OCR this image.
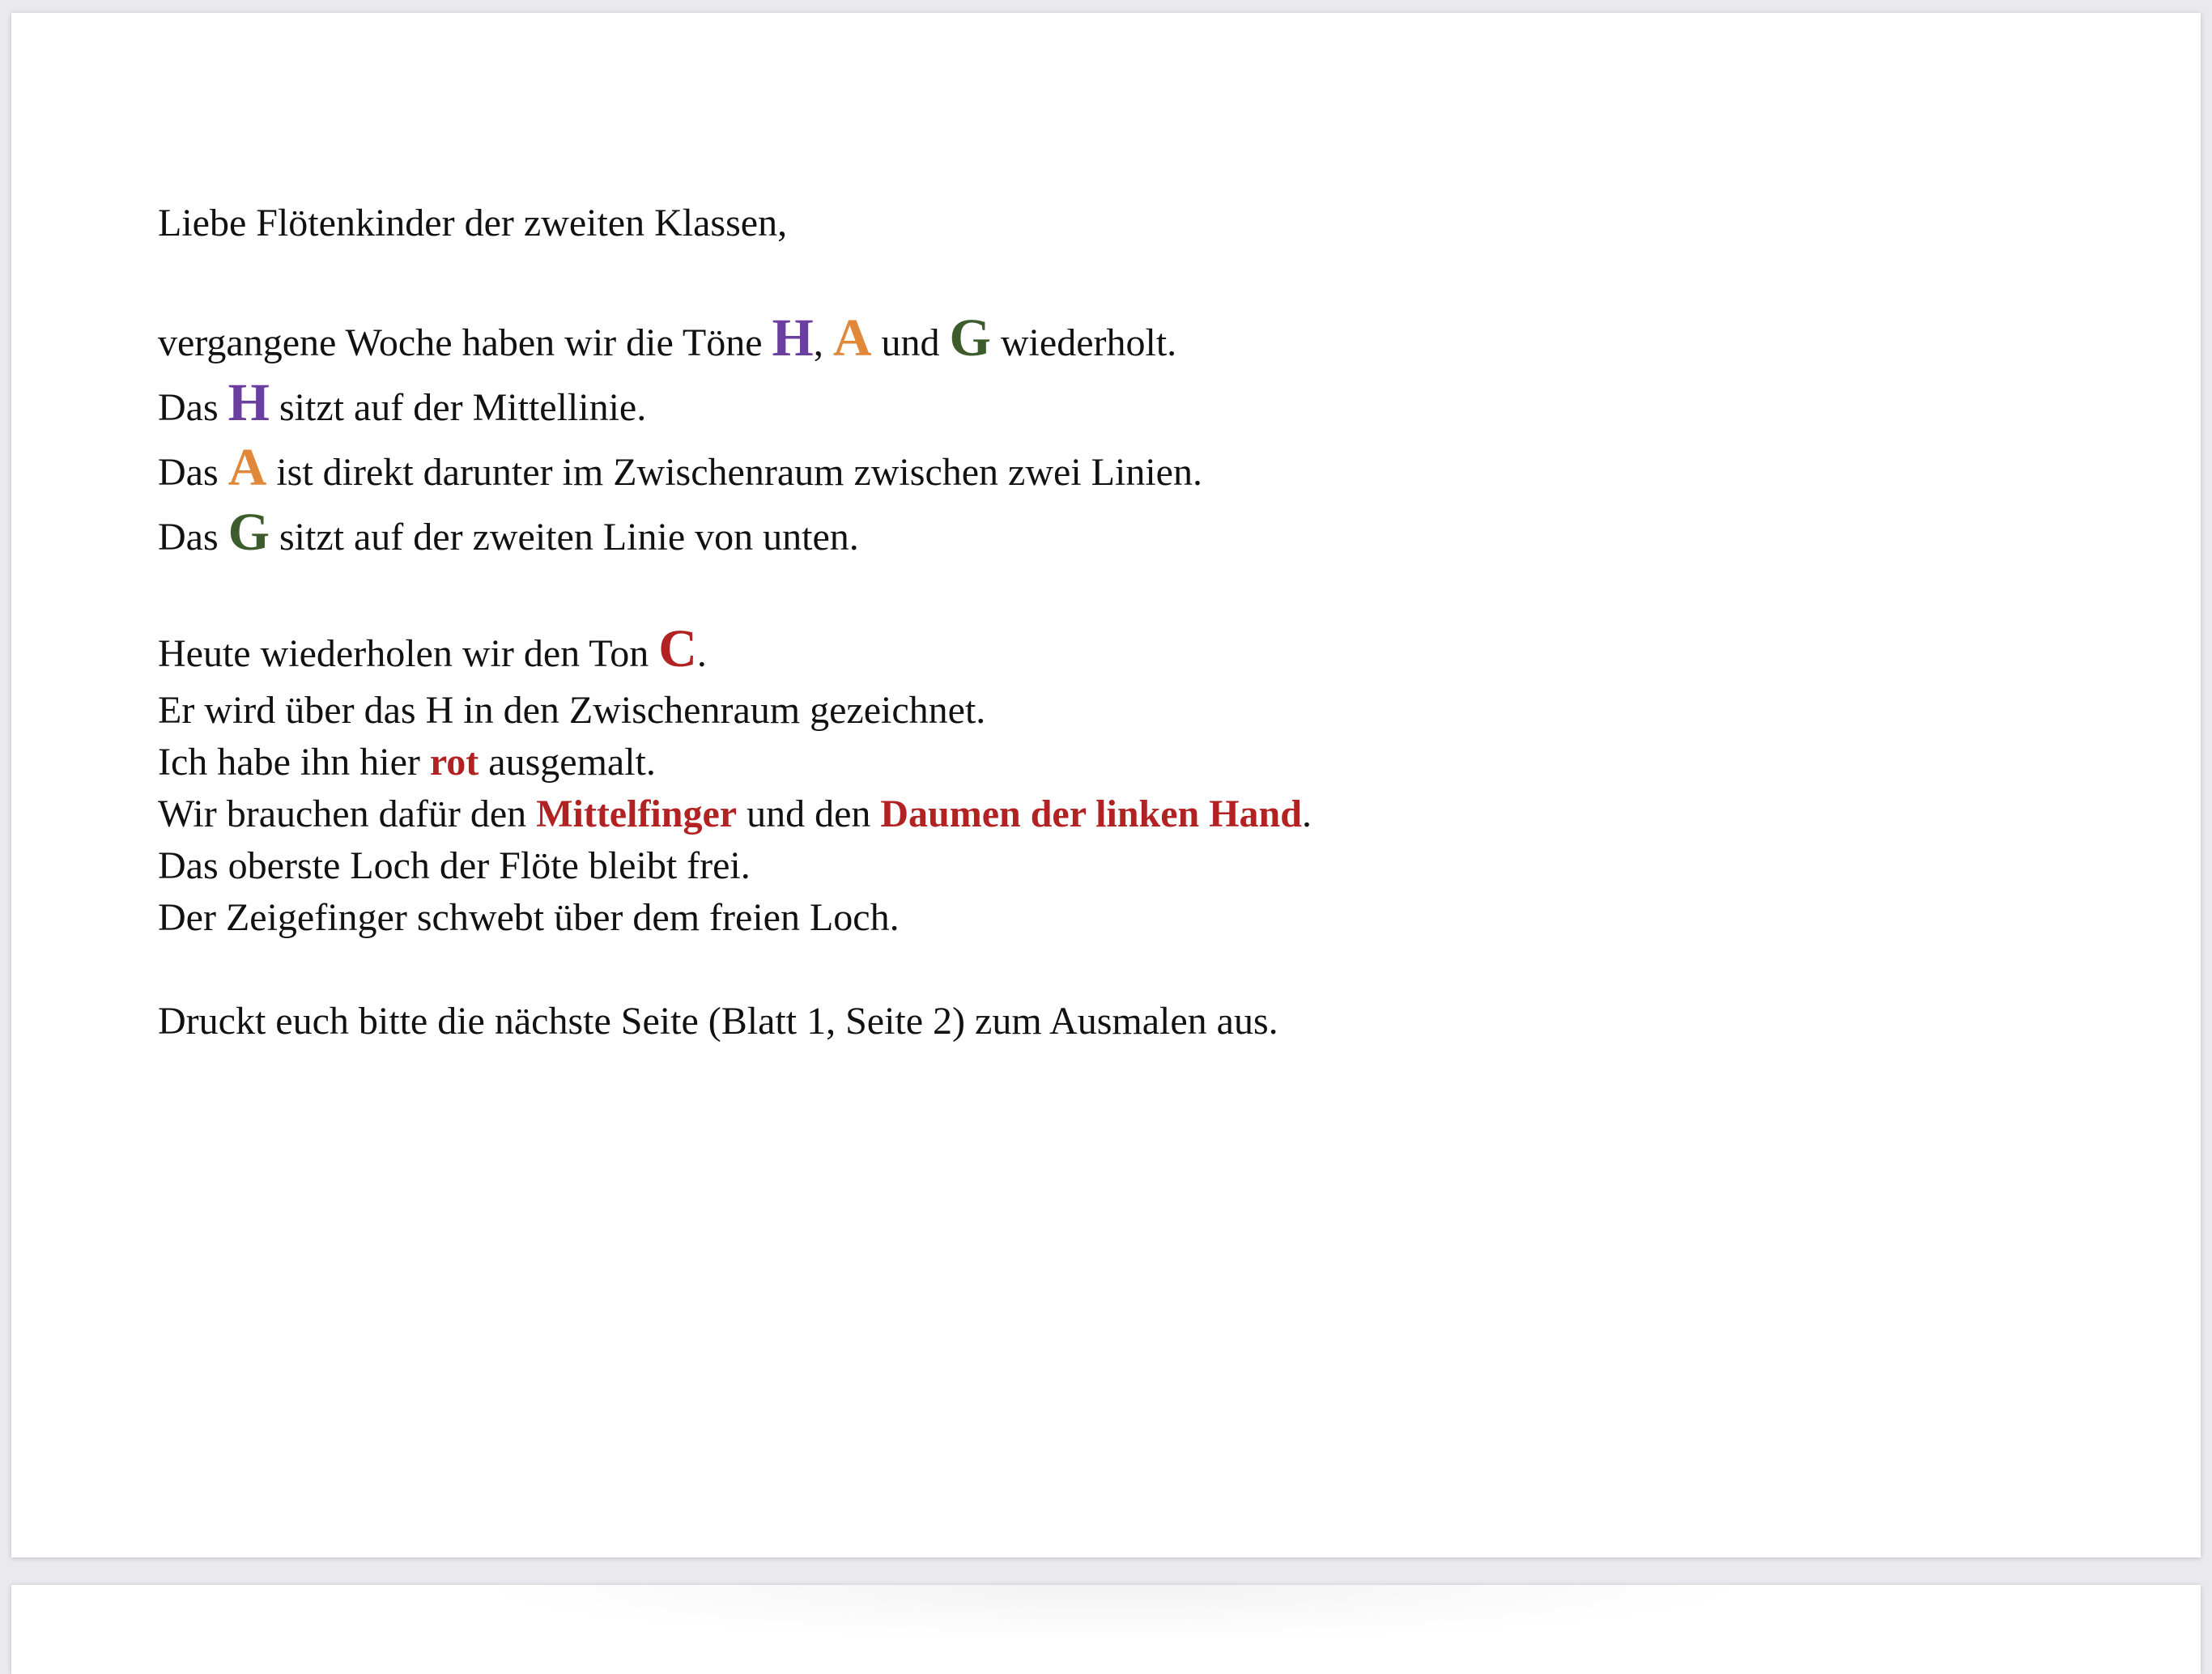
Liebe Flötenkinder der zweiten Klassen,
vergangene Woche haben wir die Töne H, A und G wiederholt.
Das H sitzt auf der Mittellinie.
Das A ist direkt darunter im Zwischenraum zwischen zwei Linien.
Das G sitzt auf der zweiten Linie von unten.
Heute wiederholen wir den Ton C.
Er wird über das H in den Zwischenraum gezeichnet.
Ich habe ihn hier rot ausgemalt.
Wir brauchen dafür den Mittelfinger und den Daumen der linken Hand.
Das oberste Loch der Flöte bleibt frei.
Der Zeigefinger schwebt über dem freien Loch.
Druckt euch bitte die nächste Seite (Blatt 1, Seite 2) zum Ausmalen aus.
